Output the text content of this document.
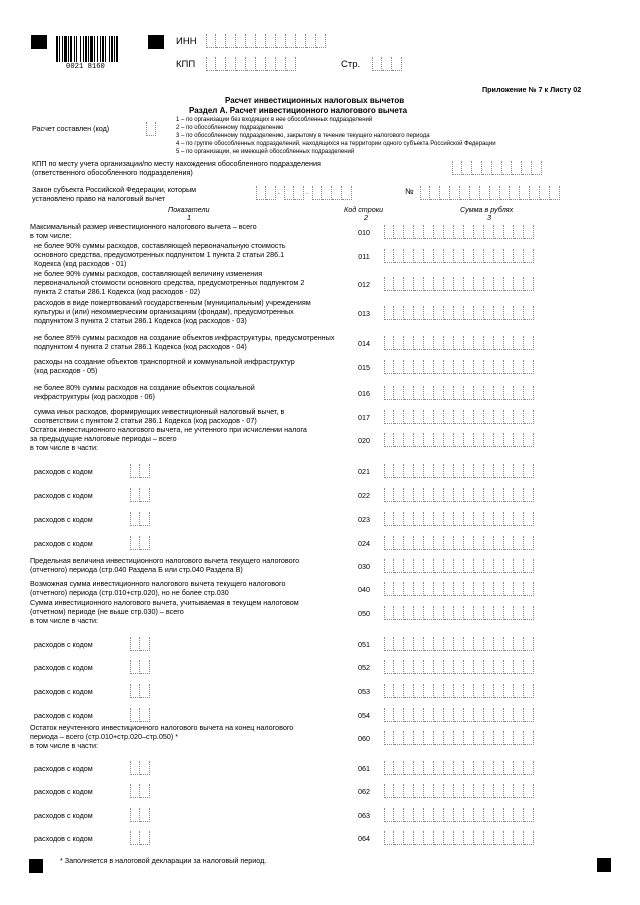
0021 8160
ИНН
КПП	Стр.
Приложение № 7 к Листу 02
Расчет инвестиционных налоговых вычетов
Раздел А. Расчет инвестиционного налогового вычета
Расчет составлен (код)
1 – по организации без входящих в нее обособленных подразделений
2 – по обособленному подразделению
3 – по обособленному подразделению, закрытому в течение текущего налогового периода
4 – по группе обособленных подразделений, находящихся на территории одного субъекта Российской Федерации
5 – по организации, не имеющей обособленных подразделений
КПП по месту учета организации/по месту нахождения обособленного подразделения
(ответственного обособленного подразделения)
Закон субъекта Российской Федерации, которым
установлено право на налоговый вычет
.	.	№
Показатели	Код строки	Сумма в рублях
1	2	3
Максимальный размер инвестиционного налогового вычета – всего
в том числе:	010
не более 90% суммы расходов, составляющей первоначальную стоимость
основного средства, предусмотренных подпунктом 1 пункта 2 статьи 286.1
Кодекса (код расходов - 01)
011
не более 90% суммы расходов, составляющей величину изменения
первоначальной стоимости основного средства, предусмотренных подпунктом 2
пункта 2 статьи 286.1 Кодекса (код расходов - 02)
012
расходов в виде пожертвований государственным (муниципальным) учреждениям
культуры и (или) некоммерческим организациям (фондам), предусмотренных
подпунктом 3 пункта 2 статьи 286.1 Кодекса (код расходов - 03)
013
не более 85% суммы расходов на создание объектов инфраструктуры, предусмотренных
подпунктом 4 пункта 2 статьи 286.1 Кодекса (код расходов - 04)	014
расходы на создание объектов транспортной и коммунальной инфраструктур
(код расходов - 05)	015
не более 80% суммы расходов на создание объектов социальной
инфраструктуры (код расходов - 06)	016
сумма иных расходов, формирующих инвестиционный налоговый вычет, в
соответствии с пунктом 2 статьи 286.1 Кодекса (код расходов - 07)	017
Остаток инвестиционного налогового вычета, не учтенного при исчислении налога
за предыдущие налоговые периоды – всего
в том числе в части:
020
расходов с кодом	021
расходов с кодом	022
расходов с кодом	023
расходов с кодом	024
Предельная величина инвестиционного налогового вычета текущего налогового
(отчетного) периода (стр.040 Раздела Б или стр.040 Раздела В)	030
Возможная сумма инвестиционного налогового вычета текущего налогового
(отчетного) периода (стр.010+стр.020), но не более стр.030	040
Сумма инвестиционного налогового вычета, учитываемая в текущем налоговом
(отчетном) периоде (не выше стр.030) – всего
в том числе в части:
050
расходов с кодом	051
расходов с кодом	052
расходов с кодом	053
расходов с кодом	054
Остаток неучтенного инвестиционного налогового вычета на конец налогового
периода – всего (стр.010+стр.020–стр.050) *
в том числе в части:
060
расходов с кодом	061
расходов с кодом	062
расходов с кодом	063
расходов с кодом	064
* Заполняется в налоговой декларации за налоговый период.
